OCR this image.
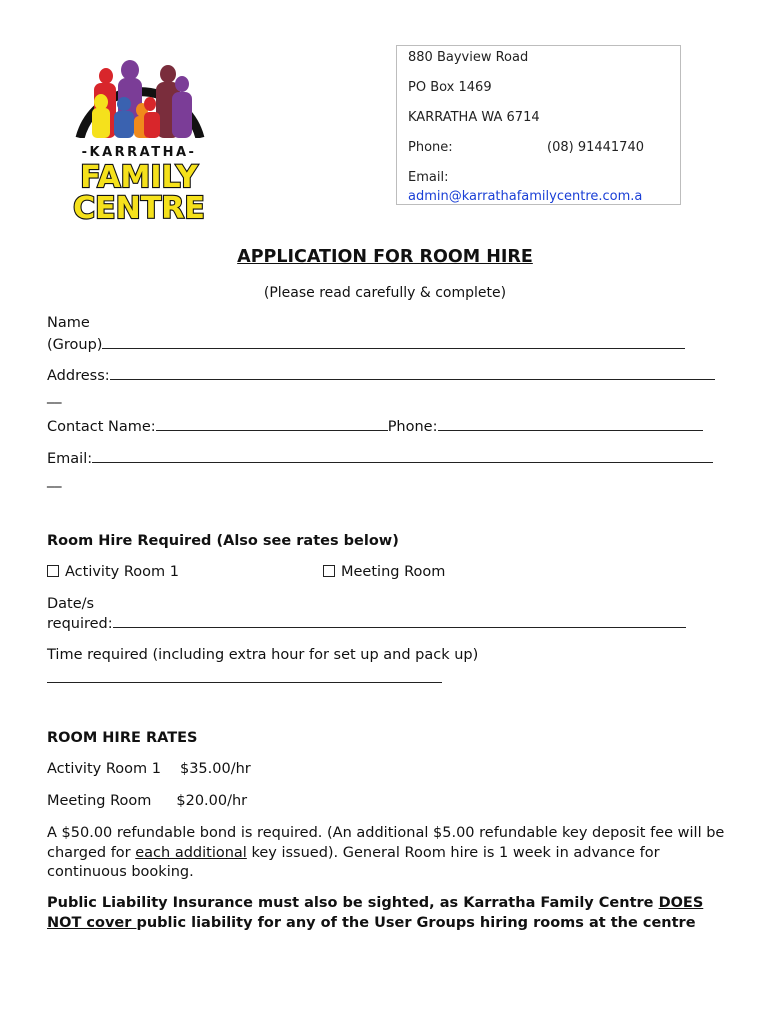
-KARRATHA-
FAMILY
CENTRE
880 Bayview Road
PO Box 1469
KARRATHA WA 6714
Phone:	(08) 91441740
Email:
admin@karrathafamilycentre.com.a
APPLICATION FOR ROOM HIRE
(Please read carefully & complete)
Name
(Group)
Address:
__
Contact Name:	Phone:
Email:
__
Room Hire Required (Also see rates below)
Activity Room 1	Meeting Room
Date/s
required:
Time required (including extra hour for set up and pack up)
ROOM HIRE RATES
Activity Room 1 $35.00/hr
Meeting Room $20.00/hr
A $50.00 refundable bond is required. (An additional $5.00 refundable key deposit fee will be charged for each additional key issued). General Room hire is 1 week in advance for continuous booking.
Public Liability Insurance must also be sighted, as Karratha Family Centre DOES NOT cover public liability for any of the User Groups hiring rooms at the centre
